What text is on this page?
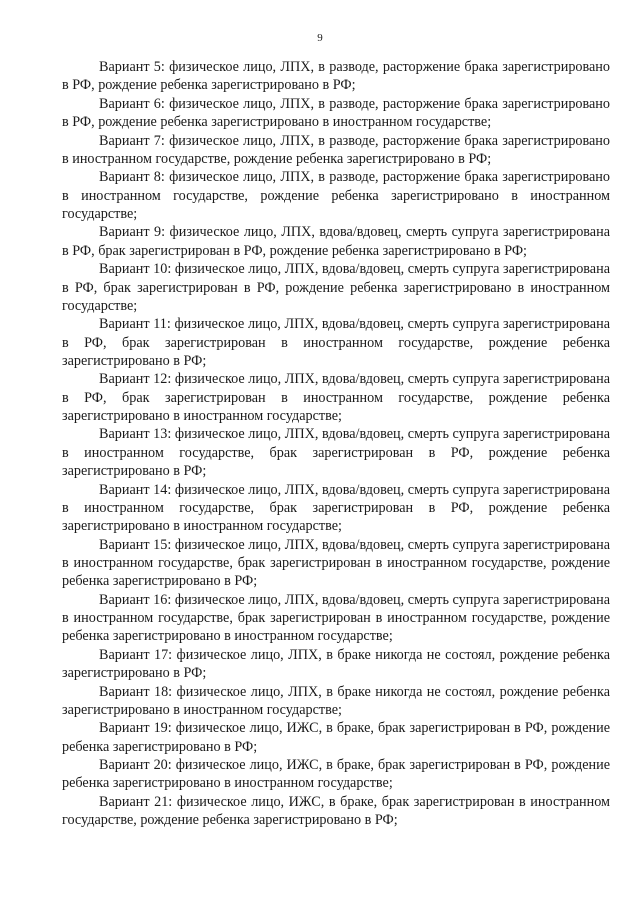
9

Вариант 5: физическое лицо, ЛПХ, в разводе, расторжение брака зарегистрировано в РФ, рождение ребенка зарегистрировано в РФ;

Вариант 6: физическое лицо, ЛПХ, в разводе, расторжение брака зарегистрировано в РФ, рождение ребенка зарегистрировано в иностранном государстве;

Вариант 7: физическое лицо, ЛПХ, в разводе, расторжение брака зарегистрировано в иностранном государстве, рождение ребенка зарегистрировано в РФ;

Вариант 8: физическое лицо, ЛПХ, в разводе, расторжение брака зарегистрировано в иностранном государстве, рождение ребенка зарегистрировано в иностранном государстве;

Вариант 9: физическое лицо, ЛПХ, вдова/вдовец, смерть супруга зарегистрирована в РФ, брак зарегистрирован в РФ, рождение ребенка зарегистрировано в РФ;

Вариант 10: физическое лицо, ЛПХ, вдова/вдовец, смерть супруга зарегистрирована в РФ, брак зарегистрирован в РФ, рождение ребенка зарегистрировано в иностранном государстве;

Вариант 11: физическое лицо, ЛПХ, вдова/вдовец, смерть супруга зарегистрирована в РФ, брак зарегистрирован в иностранном государстве, рождение ребенка зарегистрировано в РФ;

Вариант 12: физическое лицо, ЛПХ, вдова/вдовец, смерть супруга зарегистрирована в РФ, брак зарегистрирован в иностранном государстве, рождение ребенка зарегистрировано в иностранном государстве;

Вариант 13: физическое лицо, ЛПХ, вдова/вдовец, смерть супруга зарегистрирована в иностранном государстве, брак зарегистрирован в РФ, рождение ребенка зарегистрировано в РФ;

Вариант 14: физическое лицо, ЛПХ, вдова/вдовец, смерть супруга зарегистрирована в иностранном государстве, брак зарегистрирован в РФ, рождение ребенка зарегистрировано в иностранном государстве;

Вариант 15: физическое лицо, ЛПХ, вдова/вдовец, смерть супруга зарегистрирована в иностранном государстве, брак зарегистрирован в иностранном государстве, рождение ребенка зарегистрировано в РФ;

Вариант 16: физическое лицо, ЛПХ, вдова/вдовец, смерть супруга зарегистрирована в иностранном государстве, брак зарегистрирован в иностранном государстве, рождение ребенка зарегистрировано в иностранном государстве;

Вариант 17: физическое лицо, ЛПХ, в браке никогда не состоял, рождение ребенка зарегистрировано в РФ;

Вариант 18: физическое лицо, ЛПХ, в браке никогда не состоял, рождение ребенка зарегистрировано в иностранном государстве;

Вариант 19: физическое лицо, ИЖС, в браке, брак зарегистрирован в РФ, рождение ребенка зарегистрировано в РФ;

Вариант 20: физическое лицо, ИЖС, в браке, брак зарегистрирован в РФ, рождение ребенка зарегистрировано в иностранном государстве;

Вариант 21: физическое лицо, ИЖС, в браке, брак зарегистрирован в иностранном государстве, рождение ребенка зарегистрировано в РФ;
